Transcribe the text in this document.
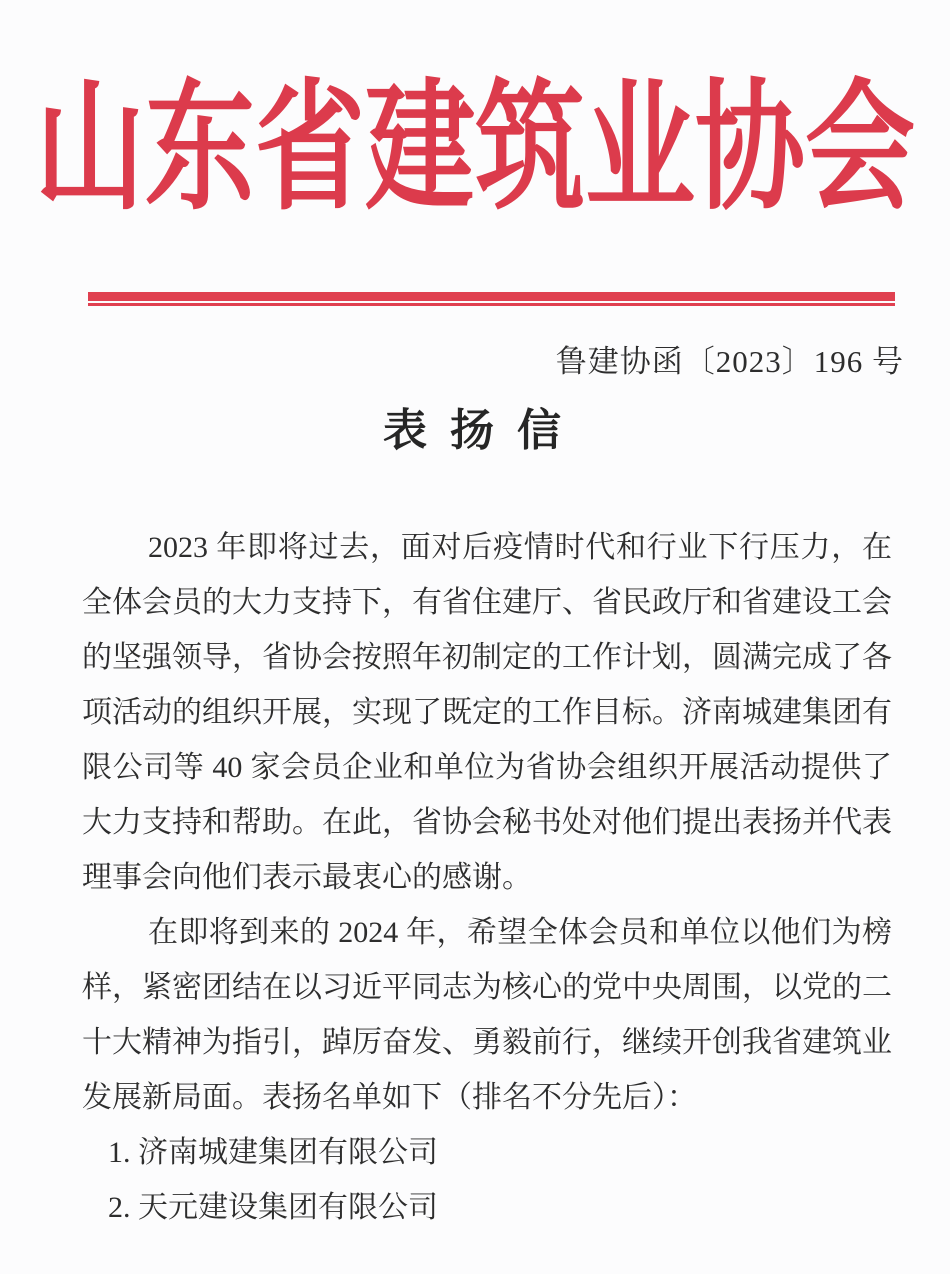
山东省建筑业协会
鲁建协函〔2023〕196 号
表 扬 信

2023 年即将过去，面对后疫情时代和行业下行压力，在全体会员的大力支持下，有省住建厅、省民政厅和省建设工会的坚强领导，省协会按照年初制定的工作计划，圆满完成了各项活动的组织开展，实现了既定的工作目标。济南城建集团有限公司等 40 家会员企业和单位为省协会组织开展活动提供了大力支持和帮助。在此，省协会秘书处对他们提出表扬并代表理事会向他们表示最衷心的感谢。

在即将到来的 2024 年，希望全体会员和单位以他们为榜样，紧密团结在以习近平同志为核心的党中央周围，以党的二十大精神为指引，踔厉奋发、勇毅前行，继续开创我省建筑业发展新局面。表扬名单如下（排名不分先后）：

1. 济南城建集团有限公司

2. 天元建设集团有限公司
